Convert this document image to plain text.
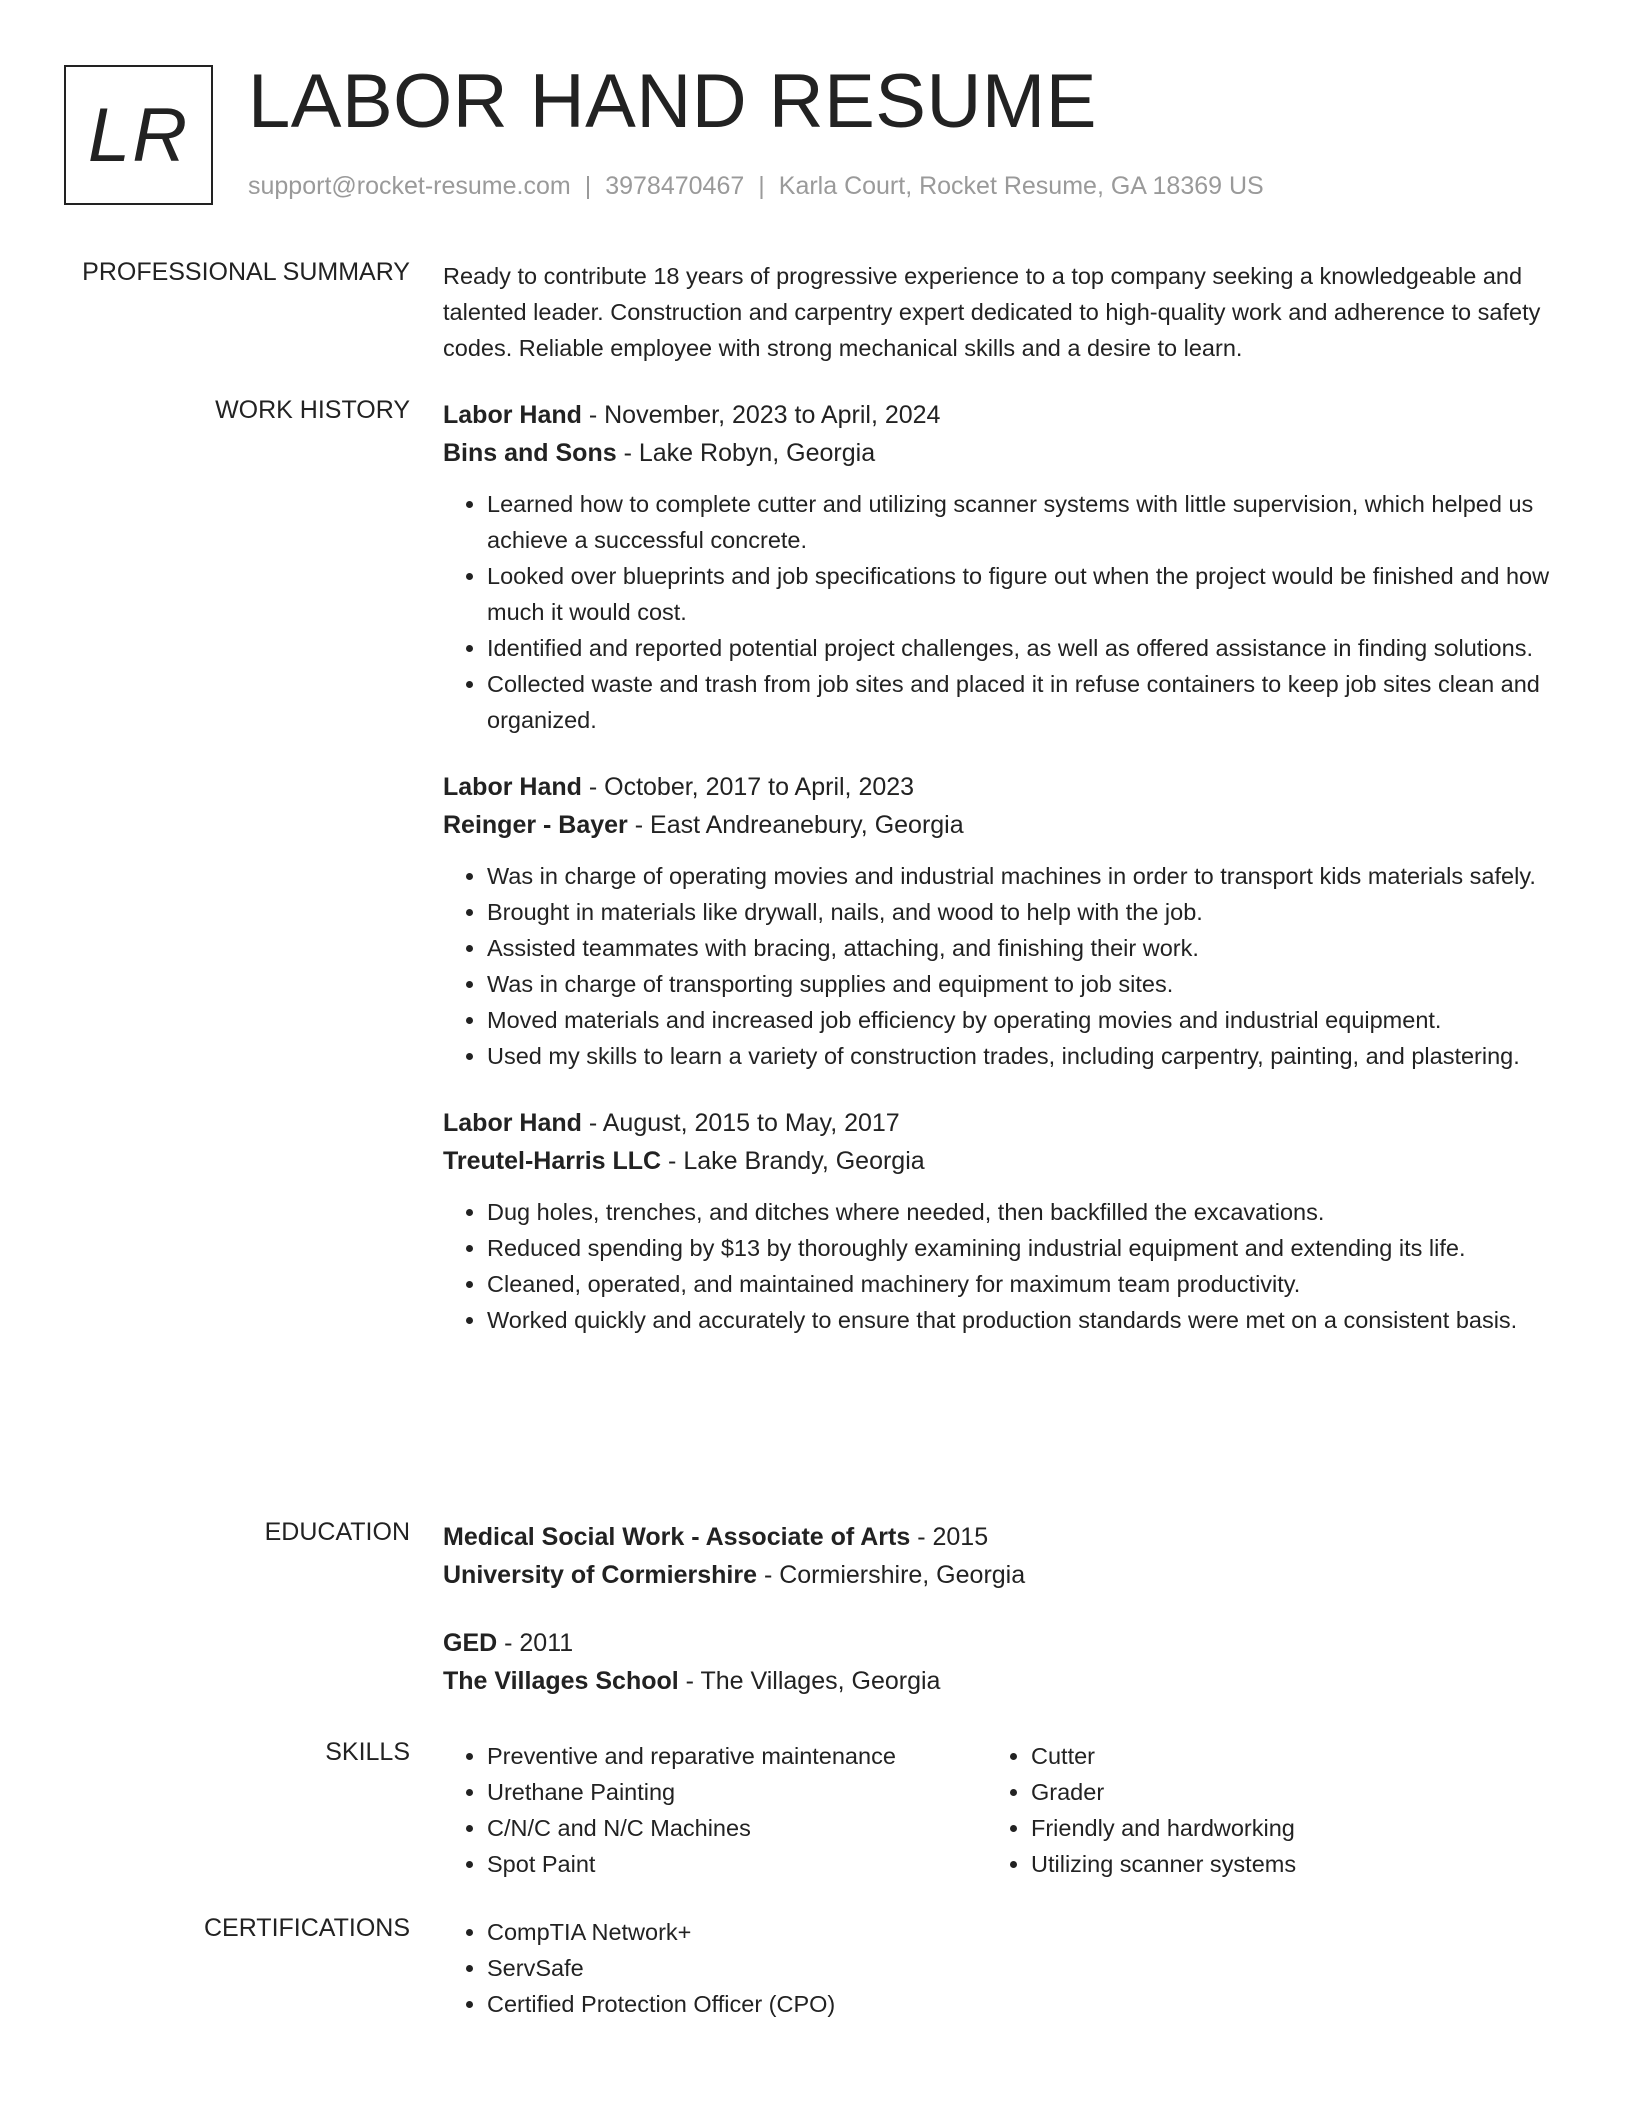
LR LABOR HAND RESUME
support@rocket-resume.com | 3978470467 | Karla Court, Rocket Resume, GA 18369 US
PROFESSIONAL SUMMARY Ready to contribute 18 years of progressive experience to a top company seeking a knowledgeable and talented leader. Construction and carpentry expert dedicated to high-quality work and adherence to safety codes. Reliable employee with strong mechanical skills and a desire to learn.

WORK HISTORY Labor Hand - November, 2023 to April, 2024
Bins and Sons - Lake Robyn, Georgia
• Learned how to complete cutter and utilizing scanner systems with little supervision, which helped us achieve a successful concrete.
• Looked over blueprints and job specifications to figure out when the project would be finished and how much it would cost.
• Identified and reported potential project challenges, as well as offered assistance in finding solutions.
• Collected waste and trash from job sites and placed it in refuse containers to keep job sites clean and organized.
Labor Hand - October, 2017 to April, 2023
Reinger - Bayer - East Andreanebury, Georgia
• Was in charge of operating movies and industrial machines in order to transport kids materials safely.
• Brought in materials like drywall, nails, and wood to help with the job.
• Assisted teammates with bracing, attaching, and finishing their work.
• Was in charge of transporting supplies and equipment to job sites.
• Moved materials and increased job efficiency by operating movies and industrial equipment.
• Used my skills to learn a variety of construction trades, including carpentry, painting, and plastering.
Labor Hand - August, 2015 to May, 2017
Treutel-Harris LLC - Lake Brandy, Georgia
• Dug holes, trenches, and ditches where needed, then backfilled the excavations.
• Reduced spending by $13 by thoroughly examining industrial equipment and extending its life.
• Cleaned, operated, and maintained machinery for maximum team productivity.
• Worked quickly and accurately to ensure that production standards were met on a consistent basis.
EDUCATION Medical Social Work - Associate of Arts - 2015
University of Cormiershire - Cormiershire, Georgia
GED - 2011
The Villages School - The Villages, Georgia
SKILLS	• Preventive and reparative maintenance
• Urethane Painting
• C/N/C and N/C Machines
• Spot Paint
• Cutter
• Grader
• Friendly and hardworking
• Utilizing scanner systems
CERTIFICATIONS	• CompTIA Network+
• ServSafe
• Certified Protection Officer (CPO)
